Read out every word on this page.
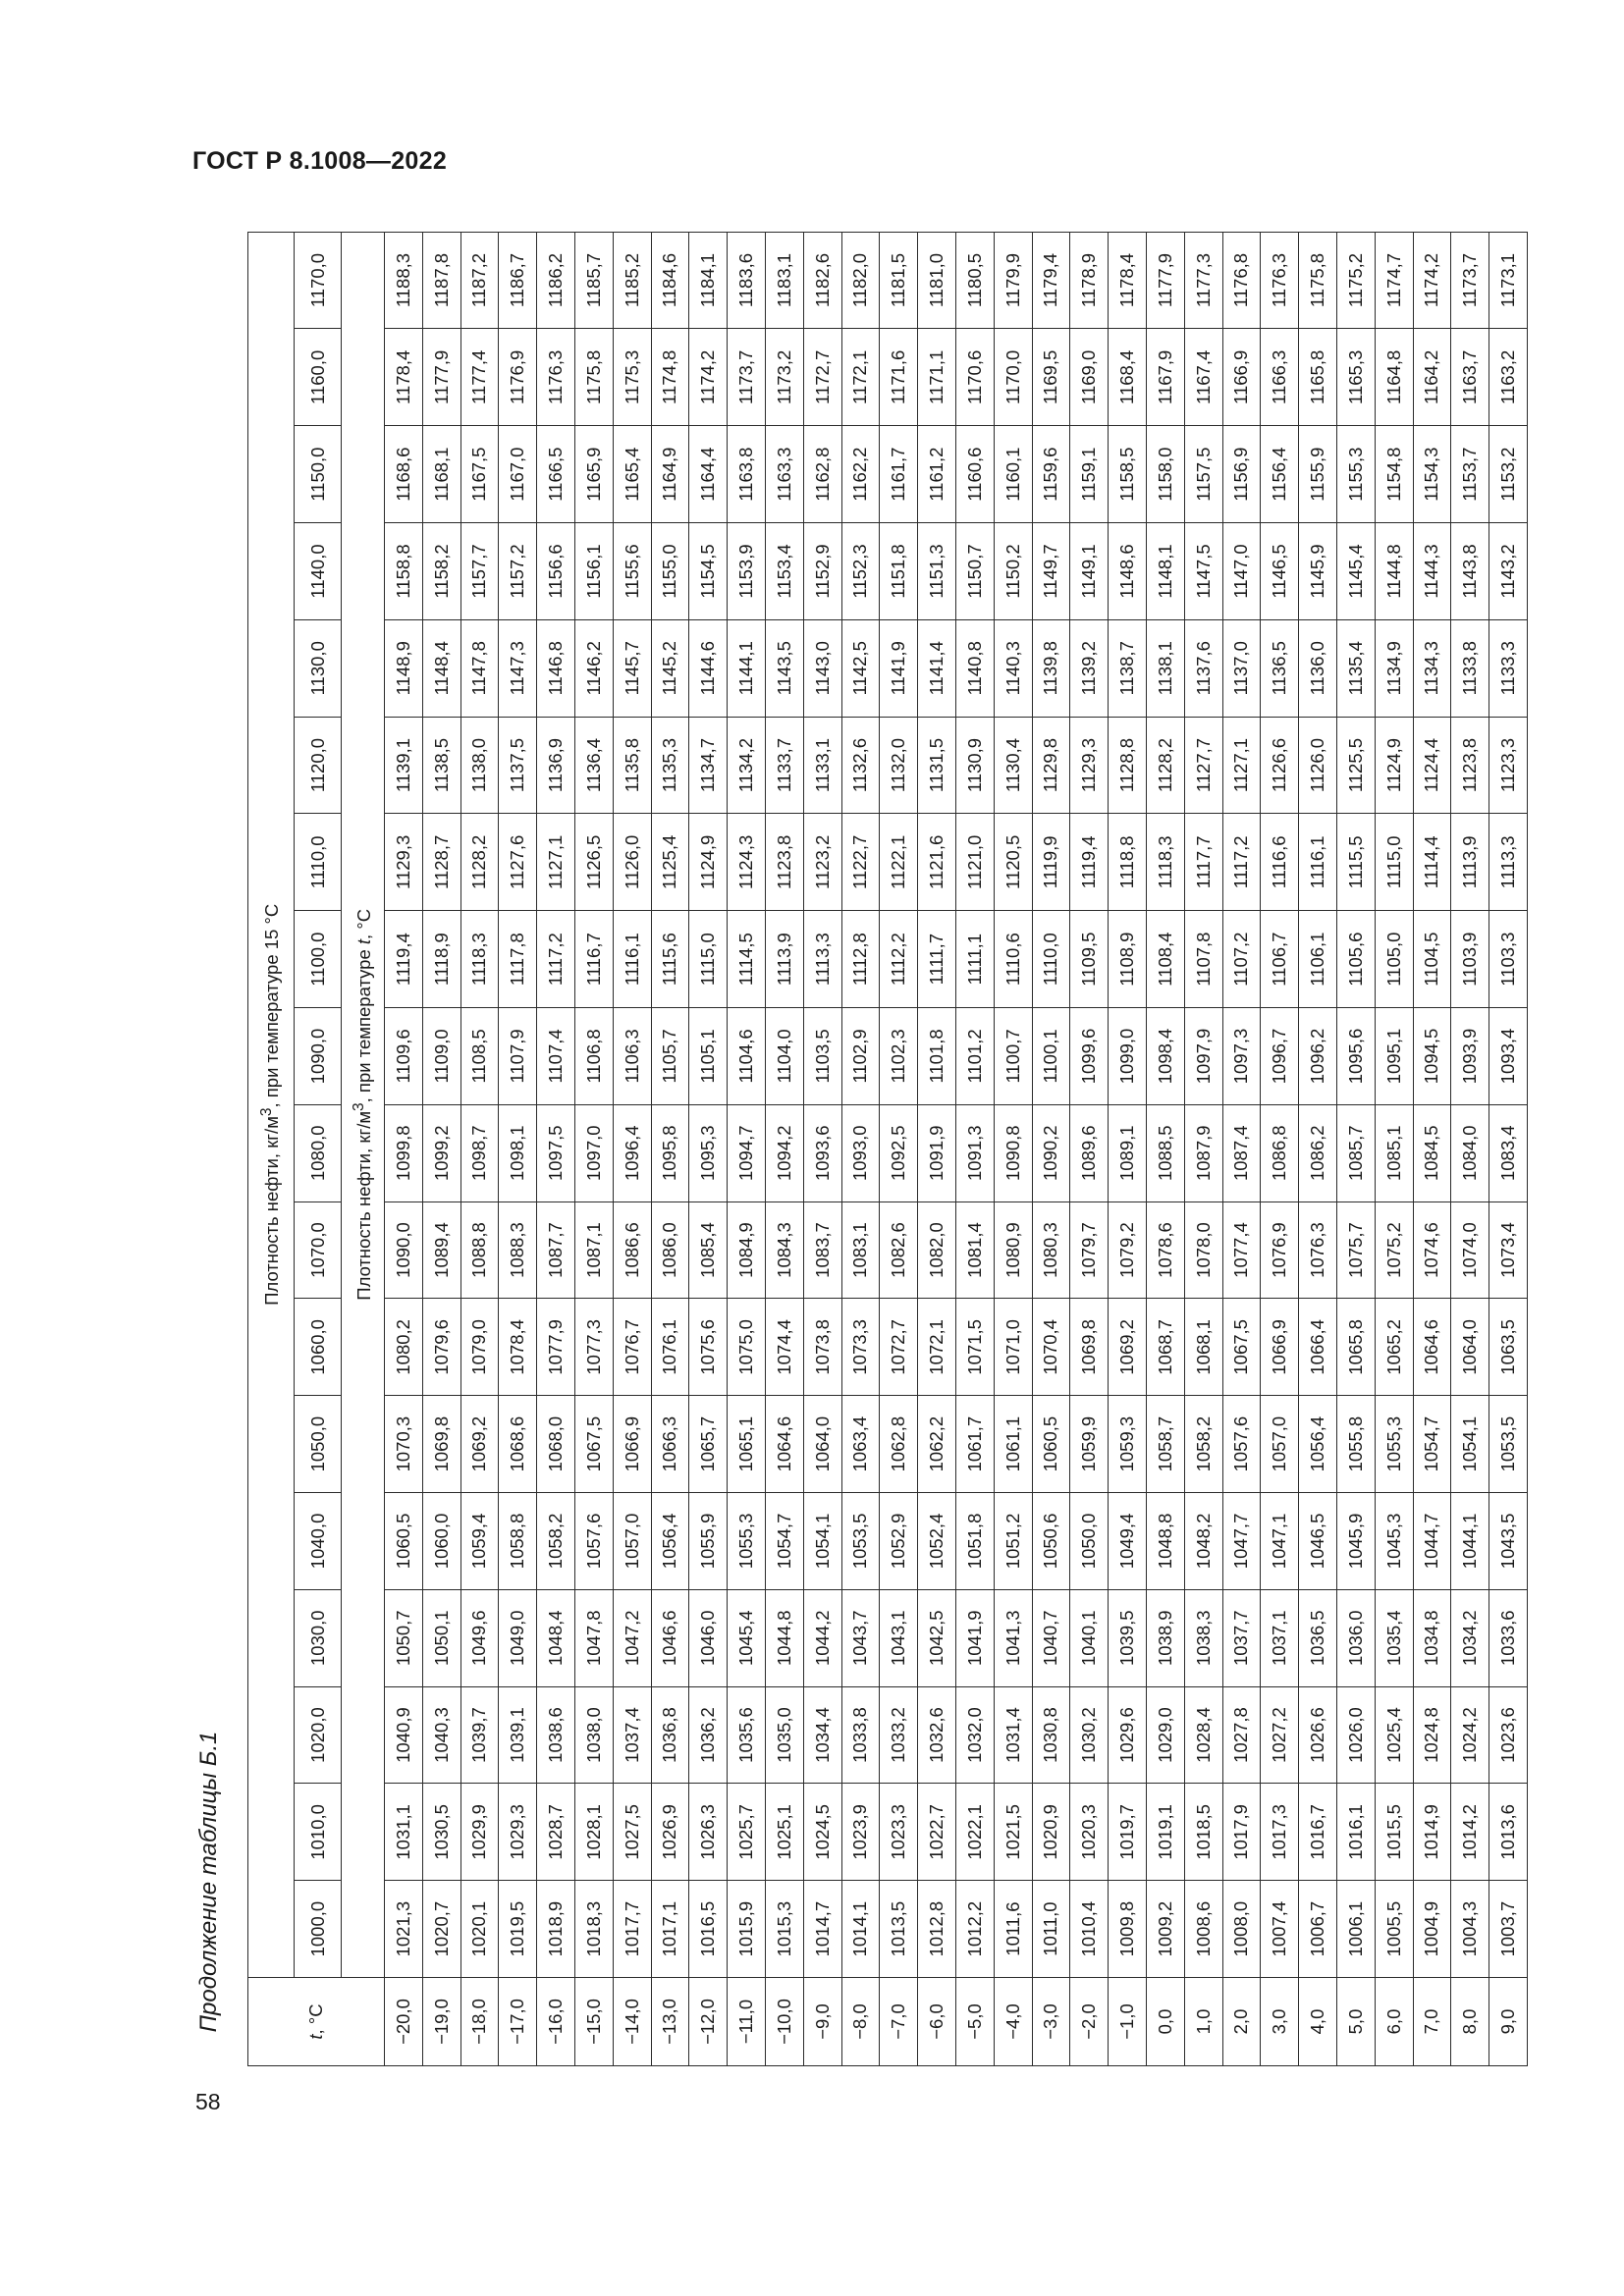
ГОСТ Р 8.1008—2022
Продолжение таблицы Б.1
58
t, °С	Плотность нефти, $кг/м^3$, при температуре 15 °С																	
	1000,0	1010,0	1020,0	1030,0	1040,0	1050,0	1060,0	1070,0	1080,0	1090,0	1100,0	1110,0	1120,0	1130,0	1140,0	1150,0	1160,0	1170,0
	Плотность нефти, $кг/м^3$, при температуре t, °С																	
−20,0	1021,3	1031,1	1040,9	1050,7	1060,5	1070,3	1080,2	1090,0	1099,8	1109,6	1119,4	1129,3	1139,1	1148,9	1158,8	1168,6	1178,4	1188,3
−19,0	1020,7	1030,5	1040,3	1050,1	1060,0	1069,8	1079,6	1089,4	1099,2	1109,0	1118,9	1128,7	1138,5	1148,4	1158,2	1168,1	1177,9	1187,8
−18,0	1020,1	1029,9	1039,7	1049,6	1059,4	1069,2	1079,0	1088,8	1098,7	1108,5	1118,3	1128,2	1138,0	1147,8	1157,7	1167,5	1177,4	1187,2
−17,0	1019,5	1029,3	1039,1	1049,0	1058,8	1068,6	1078,4	1088,3	1098,1	1107,9	1117,8	1127,6	1137,5	1147,3	1157,2	1167,0	1176,9	1186,7
−16,0	1018,9	1028,7	1038,6	1048,4	1058,2	1068,0	1077,9	1087,7	1097,5	1107,4	1117,2	1127,1	1136,9	1146,8	1156,6	1166,5	1176,3	1186,2
−15,0	1018,3	1028,1	1038,0	1047,8	1057,6	1067,5	1077,3	1087,1	1097,0	1106,8	1116,7	1126,5	1136,4	1146,2	1156,1	1165,9	1175,8	1185,7
−14,0	1017,7	1027,5	1037,4	1047,2	1057,0	1066,9	1076,7	1086,6	1096,4	1106,3	1116,1	1126,0	1135,8	1145,7	1155,6	1165,4	1175,3	1185,2
−13,0	1017,1	1026,9	1036,8	1046,6	1056,4	1066,3	1076,1	1086,0	1095,8	1105,7	1115,6	1125,4	1135,3	1145,2	1155,0	1164,9	1174,8	1184,6
−12,0	1016,5	1026,3	1036,2	1046,0	1055,9	1065,7	1075,6	1085,4	1095,3	1105,1	1115,0	1124,9	1134,7	1144,6	1154,5	1164,4	1174,2	1184,1
−11,0	1015,9	1025,7	1035,6	1045,4	1055,3	1065,1	1075,0	1084,9	1094,7	1104,6	1114,5	1124,3	1134,2	1144,1	1153,9	1163,8	1173,7	1183,6
−10,0	1015,3	1025,1	1035,0	1044,8	1054,7	1064,6	1074,4	1084,3	1094,2	1104,0	1113,9	1123,8	1133,7	1143,5	1153,4	1163,3	1173,2	1183,1
−9,0	1014,7	1024,5	1034,4	1044,2	1054,1	1064,0	1073,8	1083,7	1093,6	1103,5	1113,3	1123,2	1133,1	1143,0	1152,9	1162,8	1172,7	1182,6
−8,0	1014,1	1023,9	1033,8	1043,7	1053,5	1063,4	1073,3	1083,1	1093,0	1102,9	1112,8	1122,7	1132,6	1142,5	1152,3	1162,2	1172,1	1182,0
−7,0	1013,5	1023,3	1033,2	1043,1	1052,9	1062,8	1072,7	1082,6	1092,5	1102,3	1112,2	1122,1	1132,0	1141,9	1151,8	1161,7	1171,6	1181,5
−6,0	1012,8	1022,7	1032,6	1042,5	1052,4	1062,2	1072,1	1082,0	1091,9	1101,8	1111,7	1121,6	1131,5	1141,4	1151,3	1161,2	1171,1	1181,0
−5,0	1012,2	1022,1	1032,0	1041,9	1051,8	1061,7	1071,5	1081,4	1091,3	1101,2	1111,1	1121,0	1130,9	1140,8	1150,7	1160,6	1170,6	1180,5
−4,0	1011,6	1021,5	1031,4	1041,3	1051,2	1061,1	1071,0	1080,9	1090,8	1100,7	1110,6	1120,5	1130,4	1140,3	1150,2	1160,1	1170,0	1179,9
−3,0	1011,0	1020,9	1030,8	1040,7	1050,6	1060,5	1070,4	1080,3	1090,2	1100,1	1110,0	1119,9	1129,8	1139,8	1149,7	1159,6	1169,5	1179,4
−2,0	1010,4	1020,3	1030,2	1040,1	1050,0	1059,9	1069,8	1079,7	1089,6	1099,6	1109,5	1119,4	1129,3	1139,2	1149,1	1159,1	1169,0	1178,9
−1,0	1009,8	1019,7	1029,6	1039,5	1049,4	1059,3	1069,2	1079,2	1089,1	1099,0	1108,9	1118,8	1128,8	1138,7	1148,6	1158,5	1168,4	1178,4
0,0	1009,2	1019,1	1029,0	1038,9	1048,8	1058,7	1068,7	1078,6	1088,5	1098,4	1108,4	1118,3	1128,2	1138,1	1148,1	1158,0	1167,9	1177,9
1,0	1008,6	1018,5	1028,4	1038,3	1048,2	1058,2	1068,1	1078,0	1087,9	1097,9	1107,8	1117,7	1127,7	1137,6	1147,5	1157,5	1167,4	1177,3
2,0	1008,0	1017,9	1027,8	1037,7	1047,7	1057,6	1067,5	1077,4	1087,4	1097,3	1107,2	1117,2	1127,1	1137,0	1147,0	1156,9	1166,9	1176,8
3,0	1007,4	1017,3	1027,2	1037,1	1047,1	1057,0	1066,9	1076,9	1086,8	1096,7	1106,7	1116,6	1126,6	1136,5	1146,5	1156,4	1166,3	1176,3
4,0	1006,7	1016,7	1026,6	1036,5	1046,5	1056,4	1066,4	1076,3	1086,2	1096,2	1106,1	1116,1	1126,0	1136,0	1145,9	1155,9	1165,8	1175,8
5,0	1006,1	1016,1	1026,0	1036,0	1045,9	1055,8	1065,8	1075,7	1085,7	1095,6	1105,6	1115,5	1125,5	1135,4	1145,4	1155,3	1165,3	1175,2
6,0	1005,5	1015,5	1025,4	1035,4	1045,3	1055,3	1065,2	1075,2	1085,1	1095,1	1105,0	1115,0	1124,9	1134,9	1144,8	1154,8	1164,8	1174,7
7,0	1004,9	1014,9	1024,8	1034,8	1044,7	1054,7	1064,6	1074,6	1084,5	1094,5	1104,5	1114,4	1124,4	1134,3	1144,3	1154,3	1164,2	1174,2
8,0	1004,3	1014,2	1024,2	1034,2	1044,1	1054,1	1064,0	1074,0	1084,0	1093,9	1103,9	1113,9	1123,8	1133,8	1143,8	1153,7	1163,7	1173,7
9,0	1003,7	1013,6	1023,6	1033,6	1043,5	1053,5	1063,5	1073,4	1083,4	1093,4	1103,3	1113,3	1123,3	1133,3	1143,2	1153,2	1163,2	1173,1
